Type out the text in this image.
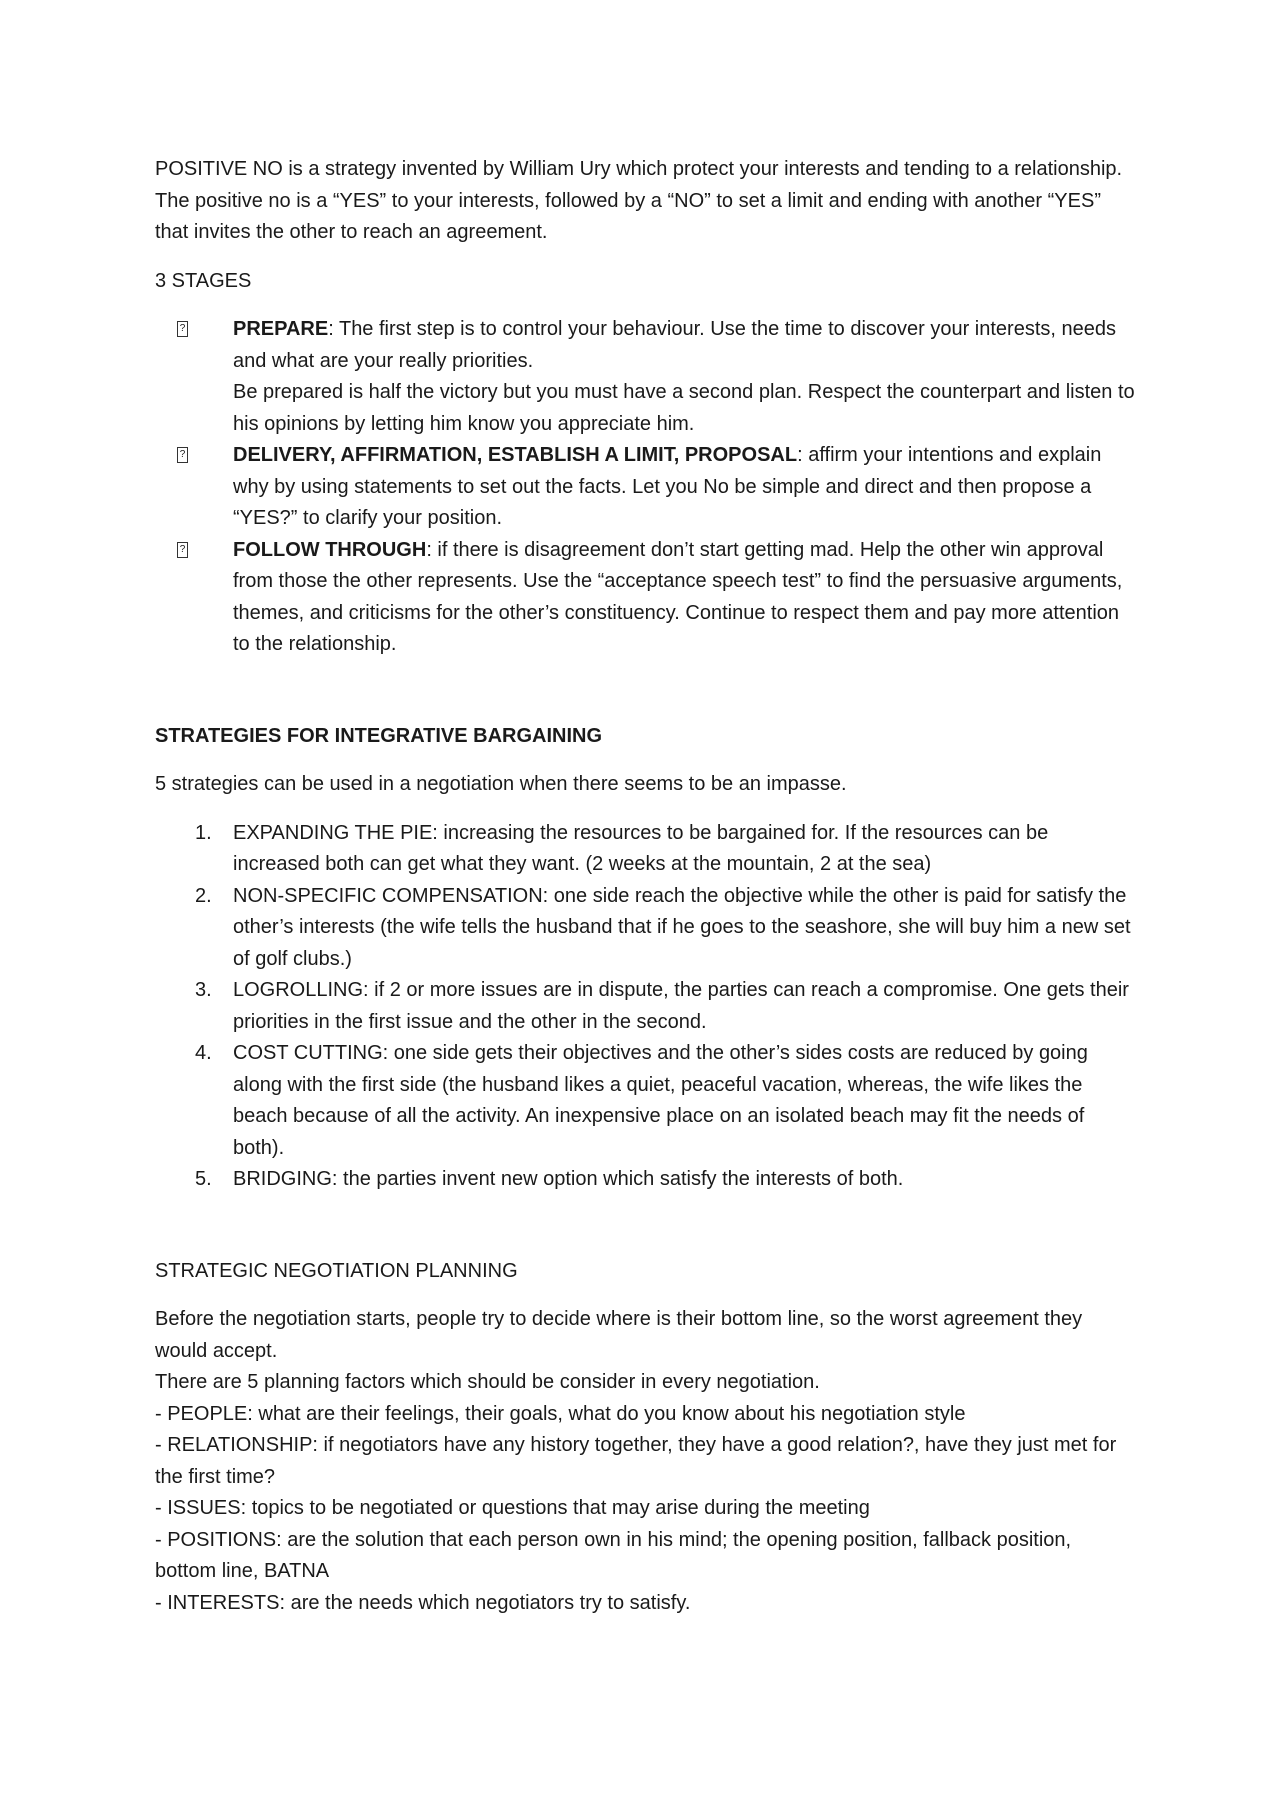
POSITIVE NO is a strategy invented by William Ury which protect your interests and tending to a relationship.

The positive no is a “YES” to your interests, followed by a “NO” to set a limit and ending with another “YES” that invites the other to reach an agreement.

3 STAGES

? PREPARE: The first step is to control your behaviour. Use the time to discover your interests, needs and what are your really priorities.
Be prepared is half the victory but you must have a second plan. Respect the counterpart and listen to his opinions by letting him know you appreciate him.
? DELIVERY, AFFIRMATION, ESTABLISH A LIMIT, PROPOSAL: affirm your intentions and explain why by using statements to set out the facts. Let you No be simple and direct and then propose a “YES?” to clarify your position.
? FOLLOW THROUGH: if there is disagreement don’t start getting mad. Help the other win approval from those the other represents. Use the “acceptance speech test” to find the persuasive arguments, themes, and criticisms for the other’s constituency. Continue to respect them and pay more attention to the relationship.

STRATEGIES FOR INTEGRATIVE BARGAINING

5 strategies can be used in a negotiation when there seems to be an impasse.

1. EXPANDING THE PIE: increasing the resources to be bargained for. If the resources can be increased both can get what they want. (2 weeks at the mountain, 2 at the sea)
2. NON-SPECIFIC COMPENSATION: one side reach the objective while the other is paid for satisfy the other’s interests (the wife tells the husband that if he goes to the seashore, she will buy him a new set of golf clubs.)
3. LOGROLLING: if 2 or more issues are in dispute, the parties can reach a compromise. One gets their priorities in the first issue and the other in the second.
4. COST CUTTING: one side gets their objectives and the other’s sides costs are reduced by going along with the first side (the husband likes a quiet, peaceful vacation, whereas, the wife likes the beach because of all the activity. An inexpensive place on an isolated beach may fit the needs of both).
5. BRIDGING: the parties invent new option which satisfy the interests of both.

STRATEGIC NEGOTIATION PLANNING

Before the negotiation starts, people try to decide where is their bottom line, so the worst agreement they would accept.

There are 5 planning factors which should be consider in every negotiation.

- PEOPLE: what are their feelings, their goals, what do you know about his negotiation style

- RELATIONSHIP: if negotiators have any history together, they have a good relation?, have they just met for the first time?

- ISSUES: topics to be negotiated or questions that may arise during the meeting

- POSITIONS: are the solution that each person own in his mind; the opening position, fallback position, bottom line, BATNA

- INTERESTS: are the needs which negotiators try to satisfy.
